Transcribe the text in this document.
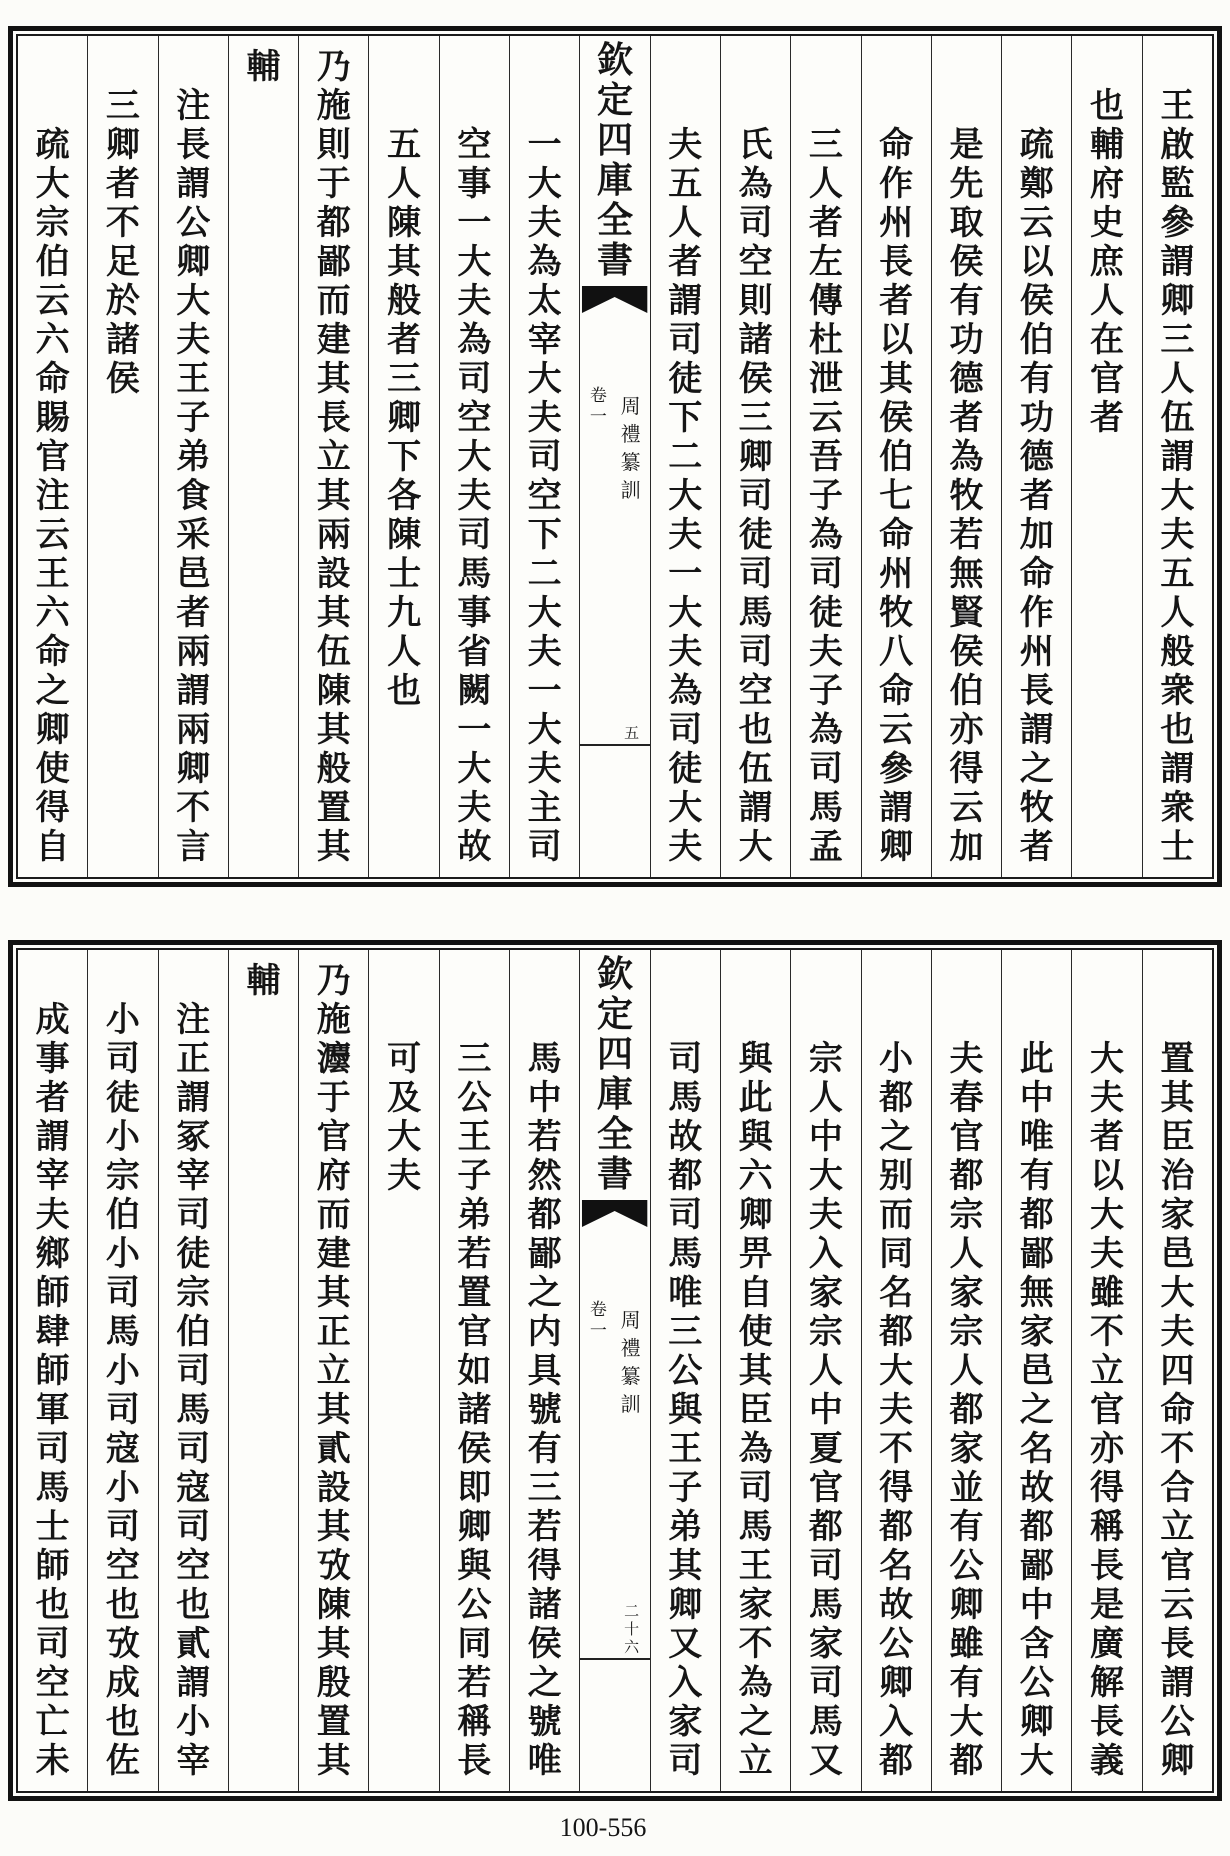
王
啟
監
參
謂
卿
三
人
伍
謂
大
夫
五
人
般
衆
也
謂
衆
士
也
輔
府
史
庶
人
在
官
者
疏
鄭
云
以
侯
伯
有
功
德
者
加
命
作
州
長
謂
之
牧
者
是
先
取
侯
有
功
德
者
為
牧
若
無
賢
侯
伯
亦
得
云
加
命
作
州
長
者
以
其
侯
伯
七
命
州
牧
八
命
云
參
謂
卿
三
人
者
左
傳
杜
泄
云
吾
子
為
司
徒
夫
子
為
司
馬
孟
氏
為
司
空
則
諸
侯
三
卿
司
徒
司
馬
司
空
也
伍
謂
大
夫
五
人
者
謂
司
徒
下
二
大
夫
一
大
夫
為
司
徒
大
夫
欽
定
四
庫
全
書
卷
一 周
禮
纂
訓
五
一
大
夫
為
太
宰
大
夫
司
空
下
二
大
夫
一
大
夫
主
司
空
事
一
大
夫
為
司
空
大
夫
司
馬
事
省
闕
一
大
夫
故
五
人
陳
其
般
者
三
卿
下
各
陳
士
九
人
也
乃
施
則
于
都
鄙
而
建
其
長
立
其
兩
設
其
伍
陳
其
般
置
其
輔
注
長
謂
公
卿
大
夫
王
子
弟
食
采
邑
者
兩
謂
兩
卿
不
言
三
卿
者
不
足
於
諸
侯
疏
大
宗
伯
云
六
命
賜
官
注
云
王
六
命
之
卿
使
得
自
置
其
臣
治
家
邑
大
夫
四
命
不
合
立
官
云
長
謂
公
卿
大
夫
者
以
大
夫
雖
不
立
官
亦
得
稱
長
是
廣
解
長
義
此
中
唯
有
都
鄙
無
家
邑
之
名
故
都
鄙
中
含
公
卿
大
夫
春
官
都
宗
人
家
宗
人
都
家
並
有
公
卿
雖
有
大
都
小
都
之
别
而
同
名
都
大
夫
不
得
都
名
故
公
卿
入
都
宗
人
中
大
夫
入
家
宗
人
中
夏
官
都
司
馬
家
司
馬
又
與
此
與
六
卿
畀
自
使
其
臣
為
司
馬
王
家
不
為
之
立
司
馬
故
都
司
馬
唯
三
公
與
王
子
弟
其
卿
又
入
家
司
欽
定
四
庫
全
書
卷
一 周
禮
纂
訓
二
十
六
馬
中
若
然
都
鄙
之
内
具
號
有
三
若
得
諸
侯
之
號
唯
三
公
王
子
弟
若
置
官
如
諸
侯
即
卿
與
公
同
若
稱
長
可
及
大
夫
乃
施
灋
于
官
府
而
建
其
正
立
其
貳
設
其
攷
陳
其
殷
置
其
輔
注
正
謂
冢
宰
司
徒
宗
伯
司
馬
司
寇
司
空
也
貳
謂
小
宰
小
司
徒
小
宗
伯
小
司
馬
小
司
寇
小
司
空
也
攷
成
也
佐
成
事
者
謂
宰
夫
鄉
師
肆
師
軍
司
馬
士
師
也
司
空
亡
未
100-556
